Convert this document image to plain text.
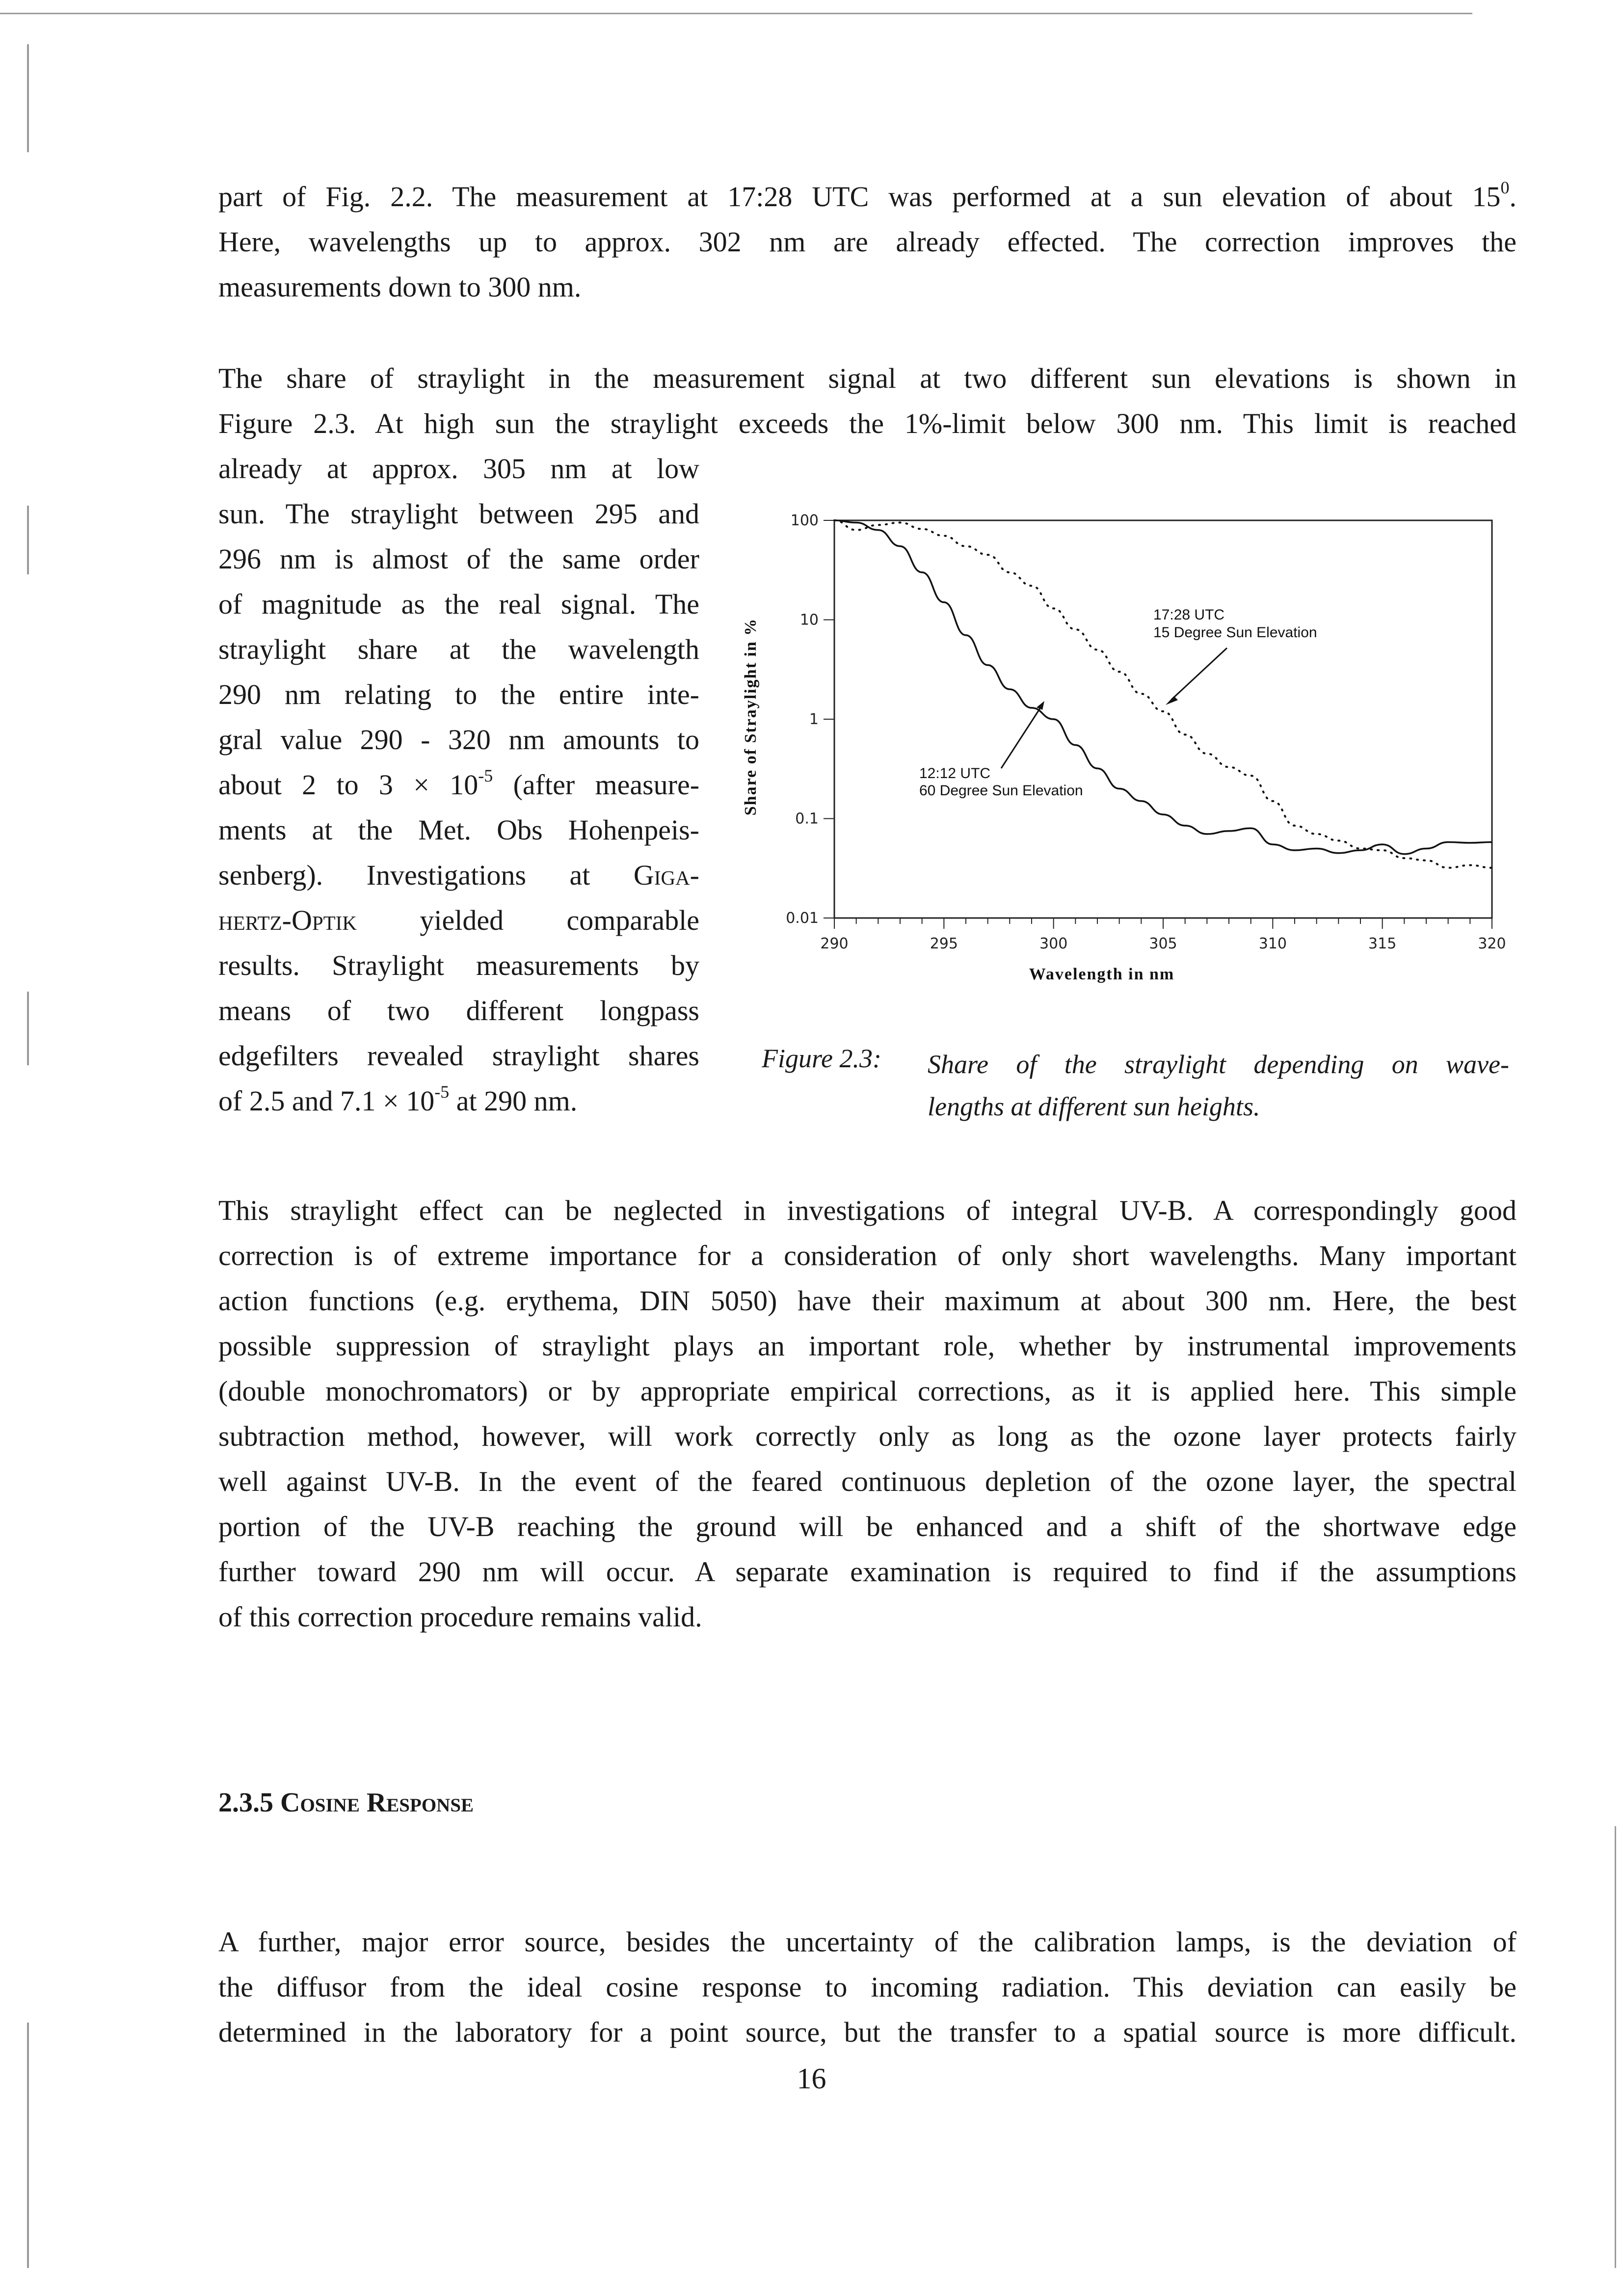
part of Fig. 2.2. The measurement at 17:28 UTC was performed at a sun elevation of about $15^0$.
Here, wavelengths up to approx. 302 nm are already effected. The correction improves the
measurements down to 300 nm.
The share of straylight in the measurement signal at two different sun elevations is shown in
Figure 2.3. At high sun the straylight exceeds the 1%-limit below 300 nm. This limit is reached
already at approx. 305 nm at low
sun. The straylight between 295 and
296 nm is almost of the same order
of magnitude as the real signal. The
straylight share at the wavelength
290 nm relating to the entire inte-
gral value 290 - 320 nm amounts to
about 2 to $3 \times 10^{-5}$ (after measure-
ments at the Met. Obs Hohenpeis-
senberg). Investigations at Giga-
hertz-Optik yielded comparable
results. Straylight measurements by
means of two different longpass
edgefilters revealed straylight shares
of 2.5 and $7.1 \times 10^{-5}$ at 290 nm.
290	295	300	305	310	315	320
100
10
1
0.1
0.01
17:28 UTC
15 Degree Sun Elevation
12:12 UTC
60 Degree Sun Elevation
Wavelength in nm
Share of Straylight in %
Figure 2.3: Share of the straylight depending on wave-
lengths at different sun heights.
This straylight effect can be neglected in investigations of integral UV-B. A correspondingly good
correction is of extreme importance for a consideration of only short wavelengths. Many important
action functions (e.g. erythema, DIN 5050) have their maximum at about 300 nm. Here, the best
possible suppression of straylight plays an important role, whether by instrumental improvements
(double monochromators) or by appropriate empirical corrections, as it is applied here. This simple
subtraction method, however, will work correctly only as long as the ozone layer protects fairly
well against UV-B. In the event of the feared continuous depletion of the ozone layer, the spectral
portion of the UV-B reaching the ground will be enhanced and a shift of the shortwave edge
further toward 290 nm will occur. A separate examination is required to find if the assumptions
of this correction procedure remains valid.
2.3.5 Cosine Response
A further, major error source, besides the uncertainty of the calibration lamps, is the deviation of
the diffusor from the ideal cosine response to incoming radiation. This deviation can easily be
determined in the laboratory for a point source, but the transfer to a spatial source is more difficult.
16
